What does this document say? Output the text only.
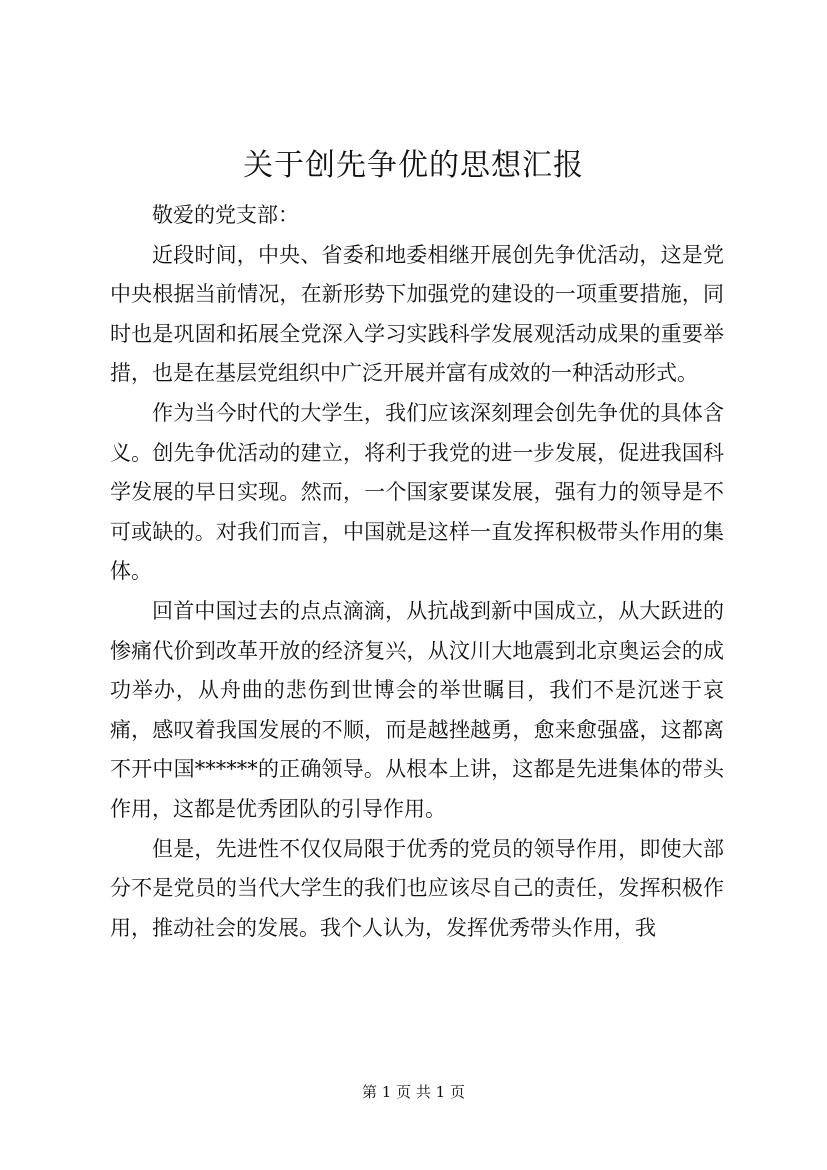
关于创先争优的思想汇报

敬爱的党支部：

近段时间，中央、省委和地委相继开展创先争优活动，这是党中央根据当前情况，在新形势下加强党的建设的一项重要措施，同时也是巩固和拓展全党深入学习实践科学发展观活动成果的重要举措，也是在基层党组织中广泛开展并富有成效的一种活动形式。

作为当今时代的大学生，我们应该深刻理会创先争优的具体含义。创先争优活动的建立，将利于我党的进一步发展，促进我国科学发展的早日实现。然而，一个国家要谋发展，强有力的领导是不可或缺的。对我们而言，中国就是这样一直发挥积极带头作用的集体。

回首中国过去的点点滴滴，从抗战到新中国成立，从大跃进的惨痛代价到改革开放的经济复兴，从汶川大地震到北京奥运会的成功举办，从舟曲的悲伤到世博会的举世瞩目，我们不是沉迷于哀痛，感叹着我国发展的不顺，而是越挫越勇，愈来愈强盛，这都离不开中国******的正确领导。从根本上讲，这都是先进集体的带头作用，这都是优秀团队的引导作用。

但是，先进性不仅仅局限于优秀的党员的领导作用，即使大部分不是党员的当代大学生的我们也应该尽自己的责任，发挥积极作用，推动社会的发展。我个人认为，发挥优秀带头作用，我

第 1 页 共 1 页
